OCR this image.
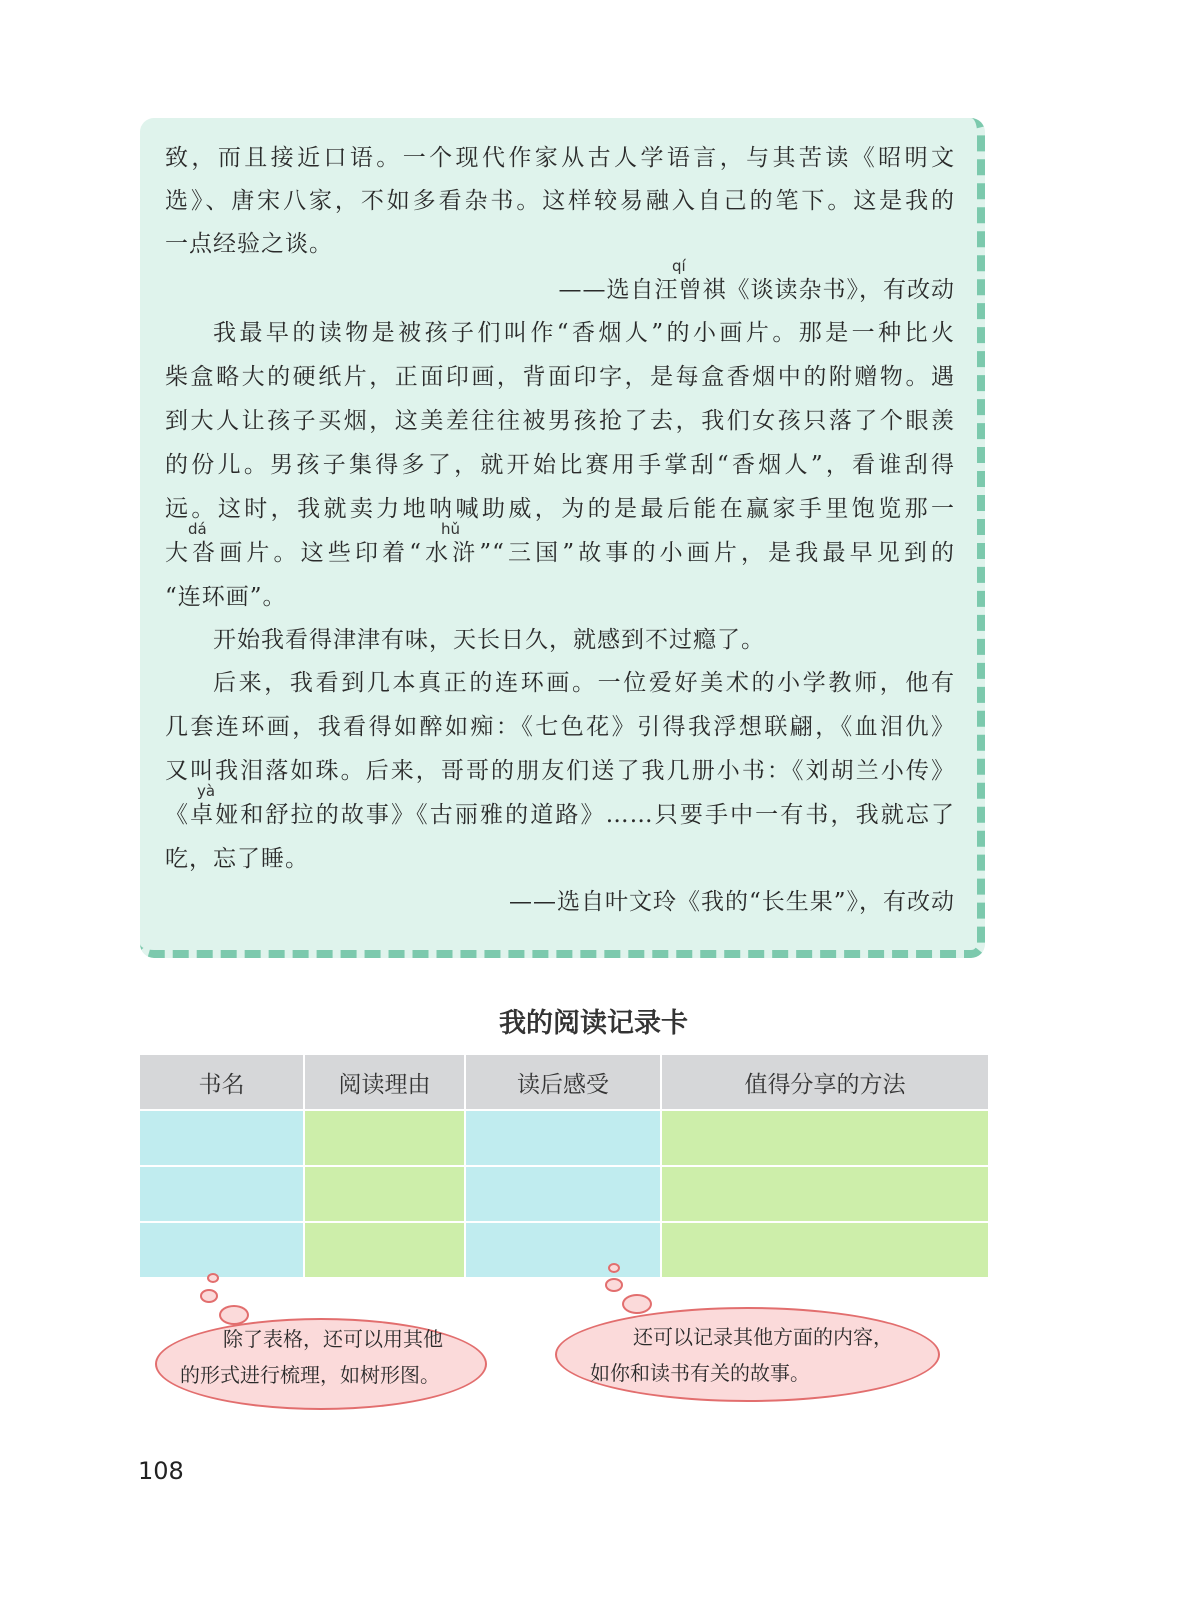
致，而且接近口语。一个现代作家从古人学语言，与其苦读《昭明文
选》、唐宋八家，不如多看杂书。这样较易融入自己的笔下。这是我的
一点经验之谈。
qí
——选自汪曾祺《谈读杂书》，有改动
我最早的读物是被孩子们叫作“香烟人”的小画片。那是一种比火
柴盒略大的硬纸片，正面印画，背面印字，是每盒香烟中的附赠物。遇
到大人让孩子买烟，这美差往往被男孩抢了去，我们女孩只落了个眼羡
的份儿。男孩子集得多了，就开始比赛用手掌刮“香烟人”，看谁刮得
远。这时，我就卖力地呐喊助威，为的是最后能在赢家手里饱览那一
dá	hǔ
大沓画片。这些印着“水浒”“三国”故事的小画片，是我最早见到的
“连环画”。
开始我看得津津有味，天长日久，就感到不过瘾了。
后来，我看到几本真正的连环画。一位爱好美术的小学教师，他有
几套连环画，我看得如醉如痴：《七色花》引得我浮想联翩，《血泪仇》
又叫我泪落如珠。后来，哥哥的朋友们送了我几册小书：《刘胡兰小传》
yà
《卓娅和舒拉的故事》《古丽雅的道路》……只要手中一有书，我就忘了
吃，忘了睡。
——选自叶文玲《我的“长生果”》，有改动
我的阅读记录卡
书名	阅读理由	读后感受	值得分享的方法
除了表格，还可以用其他
的形式进行梳理，如树形图。
还可以记录其他方面的内容，
如你和读书有关的故事。
108
